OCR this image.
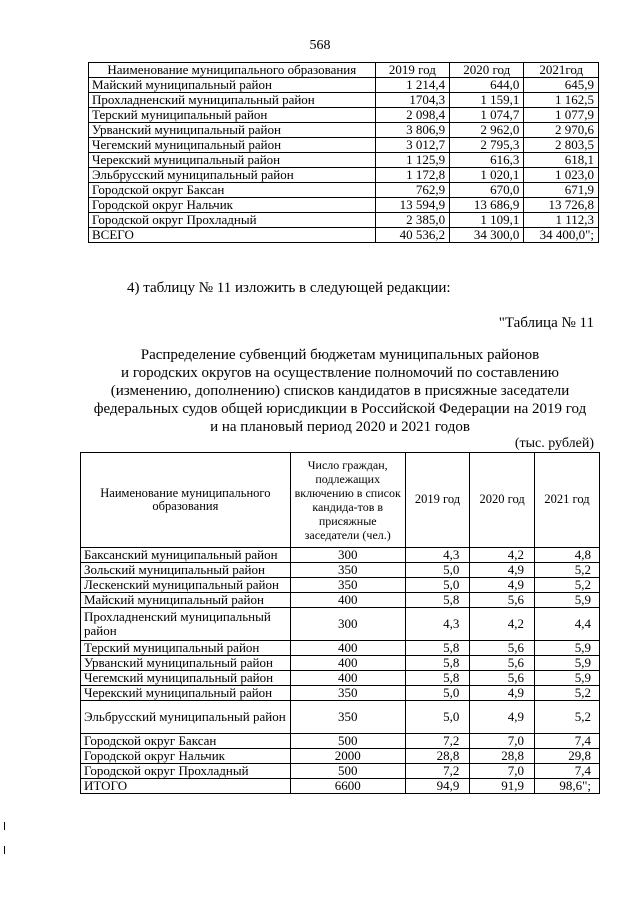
568
Наименование муниципального образования	2019 год	2020 год	2021год
Майский муниципальный район	1 214,4	644,0	645,9
Прохладненский муниципальный район	1704,3	1 159,1	1 162,5
Терский муниципальный район	2 098,4	1 074,7	1 077,9
Урванский муниципальный район	3 806,9	2 962,0	2 970,6
Чегемский муниципальный район	3 012,7	2 795,3	2 803,5
Черекский муниципальный район	1 125,9	616,3	618,1
Эльбрусский муниципальный район	1 172,8	1 020,1	1 023,0
Городской округ Баксан	762,9	670,0	671,9
Городской округ Нальчик	13 594,9	13 686,9	13 726,8
Городской округ Прохладный	2 385,0	1 109,1	1 112,3
ВСЕГО	40 536,2	34 300,0	34 400,0";
4) таблицу № 11 изложить в следующей редакции:
"Таблица № 11
Распределение субвенций бюджетам муниципальных районов
и городских округов на осуществление полномочий по составлению
(изменению, дополнению) списков кандидатов в присяжные заседатели
федеральных судов общей юрисдикции в Российской Федерации на 2019 год
и на плановый период 2020 и 2021 годов
(тыс. рублей)
Наименование муниципального образования	Число граждан, подлежащих включению в список кандида-тов в присяжные заседатели (чел.)	2019 год	2020 год	2021 год
Баксанский муниципальный район	300	4,3	4,2	4,8
Зольский муниципальный район	350	5,0	4,9	5,2
Лескенский муниципальный район	350	5,0	4,9	5,2
Майский муниципальный район	400	5,8	5,6	5,9
Прохладненский муниципальный район	300	4,3	4,2	4,4
Терский муниципальный район	400	5,8	5,6	5,9
Урванский муниципальный район	400	5,8	5,6	5,9
Чегемский муниципальный район	400	5,8	5,6	5,9
Черекский муниципальный район	350	5,0	4,9	5,2
Эльбрусский муниципальный район	350	5,0	4,9	5,2
Городской округ Баксан	500	7,2	7,0	7,4
Городской округ Нальчик	2000	28,8	28,8	29,8
Городской округ Прохладный	500	7,2	7,0	7,4
ИТОГО	6600	94,9	91,9	98,6";
